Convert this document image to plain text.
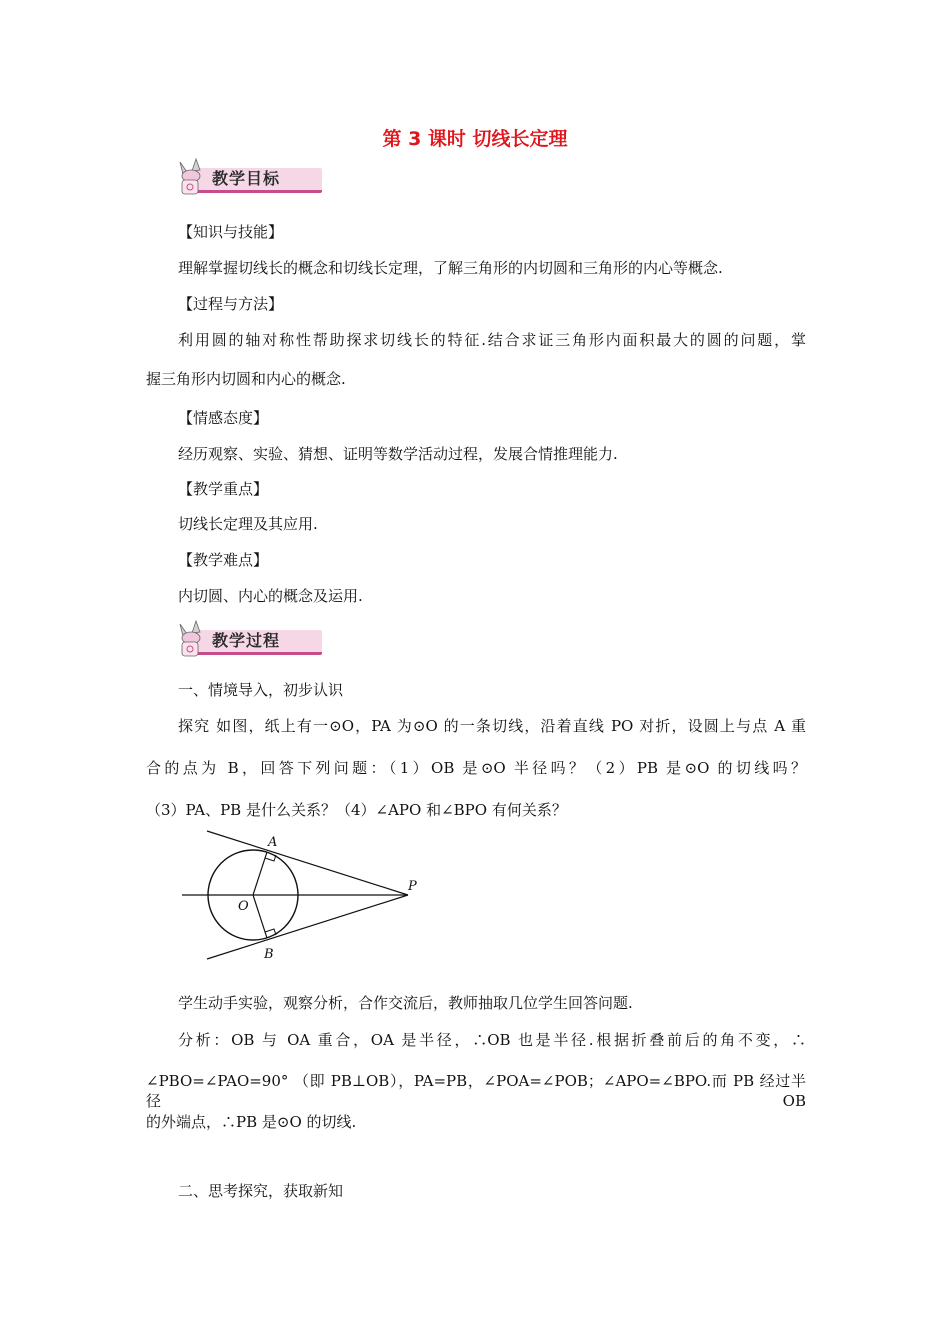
第 3 课时 切线长定理
教学目标
【知识与技能】
理解掌握切线长的概念和切线长定理，了解三角形的内切圆和三角形的内心等概念.
【过程与方法】
利用圆的轴对称性帮助探求切线长的特征.结合求证三角形内面积最大的圆的问题，掌
握三角形内切圆和内心的概念.
【情感态度】
经历观察、实验、猜想、证明等数学活动过程，发展合情推理能力.
【教学重点】
切线长定理及其应用.
【教学难点】
内切圆、内心的概念及运用.
教学过程
一、情境导入，初步认识
探究 如图，纸上有一⊙O，PA 为⊙O 的一条切线，沿着直线 PO 对折，设圆上与点 A 重
合的点为 B，回答下列问题：（1）OB 是⊙O 半径吗？（2）PB 是⊙O 的切线吗？
（3）PA、PB 是什么关系？（4）∠APO 和∠BPO 有何关系？
A
B
O
P
学生动手实验，观察分析，合作交流后，教师抽取几位学生回答问题.
分析：OB 与 OA 重合，OA 是半径，∴OB 也是半径.根据折叠前后的角不变，∴
∠PBO=∠PAO=90° （即 PB⊥OB），PA=PB，∠POA=∠POB；∠APO=∠BPO.而 PB 经过半径 OB
的外端点，∴PB 是⊙O 的切线.
二、思考探究，获取新知
